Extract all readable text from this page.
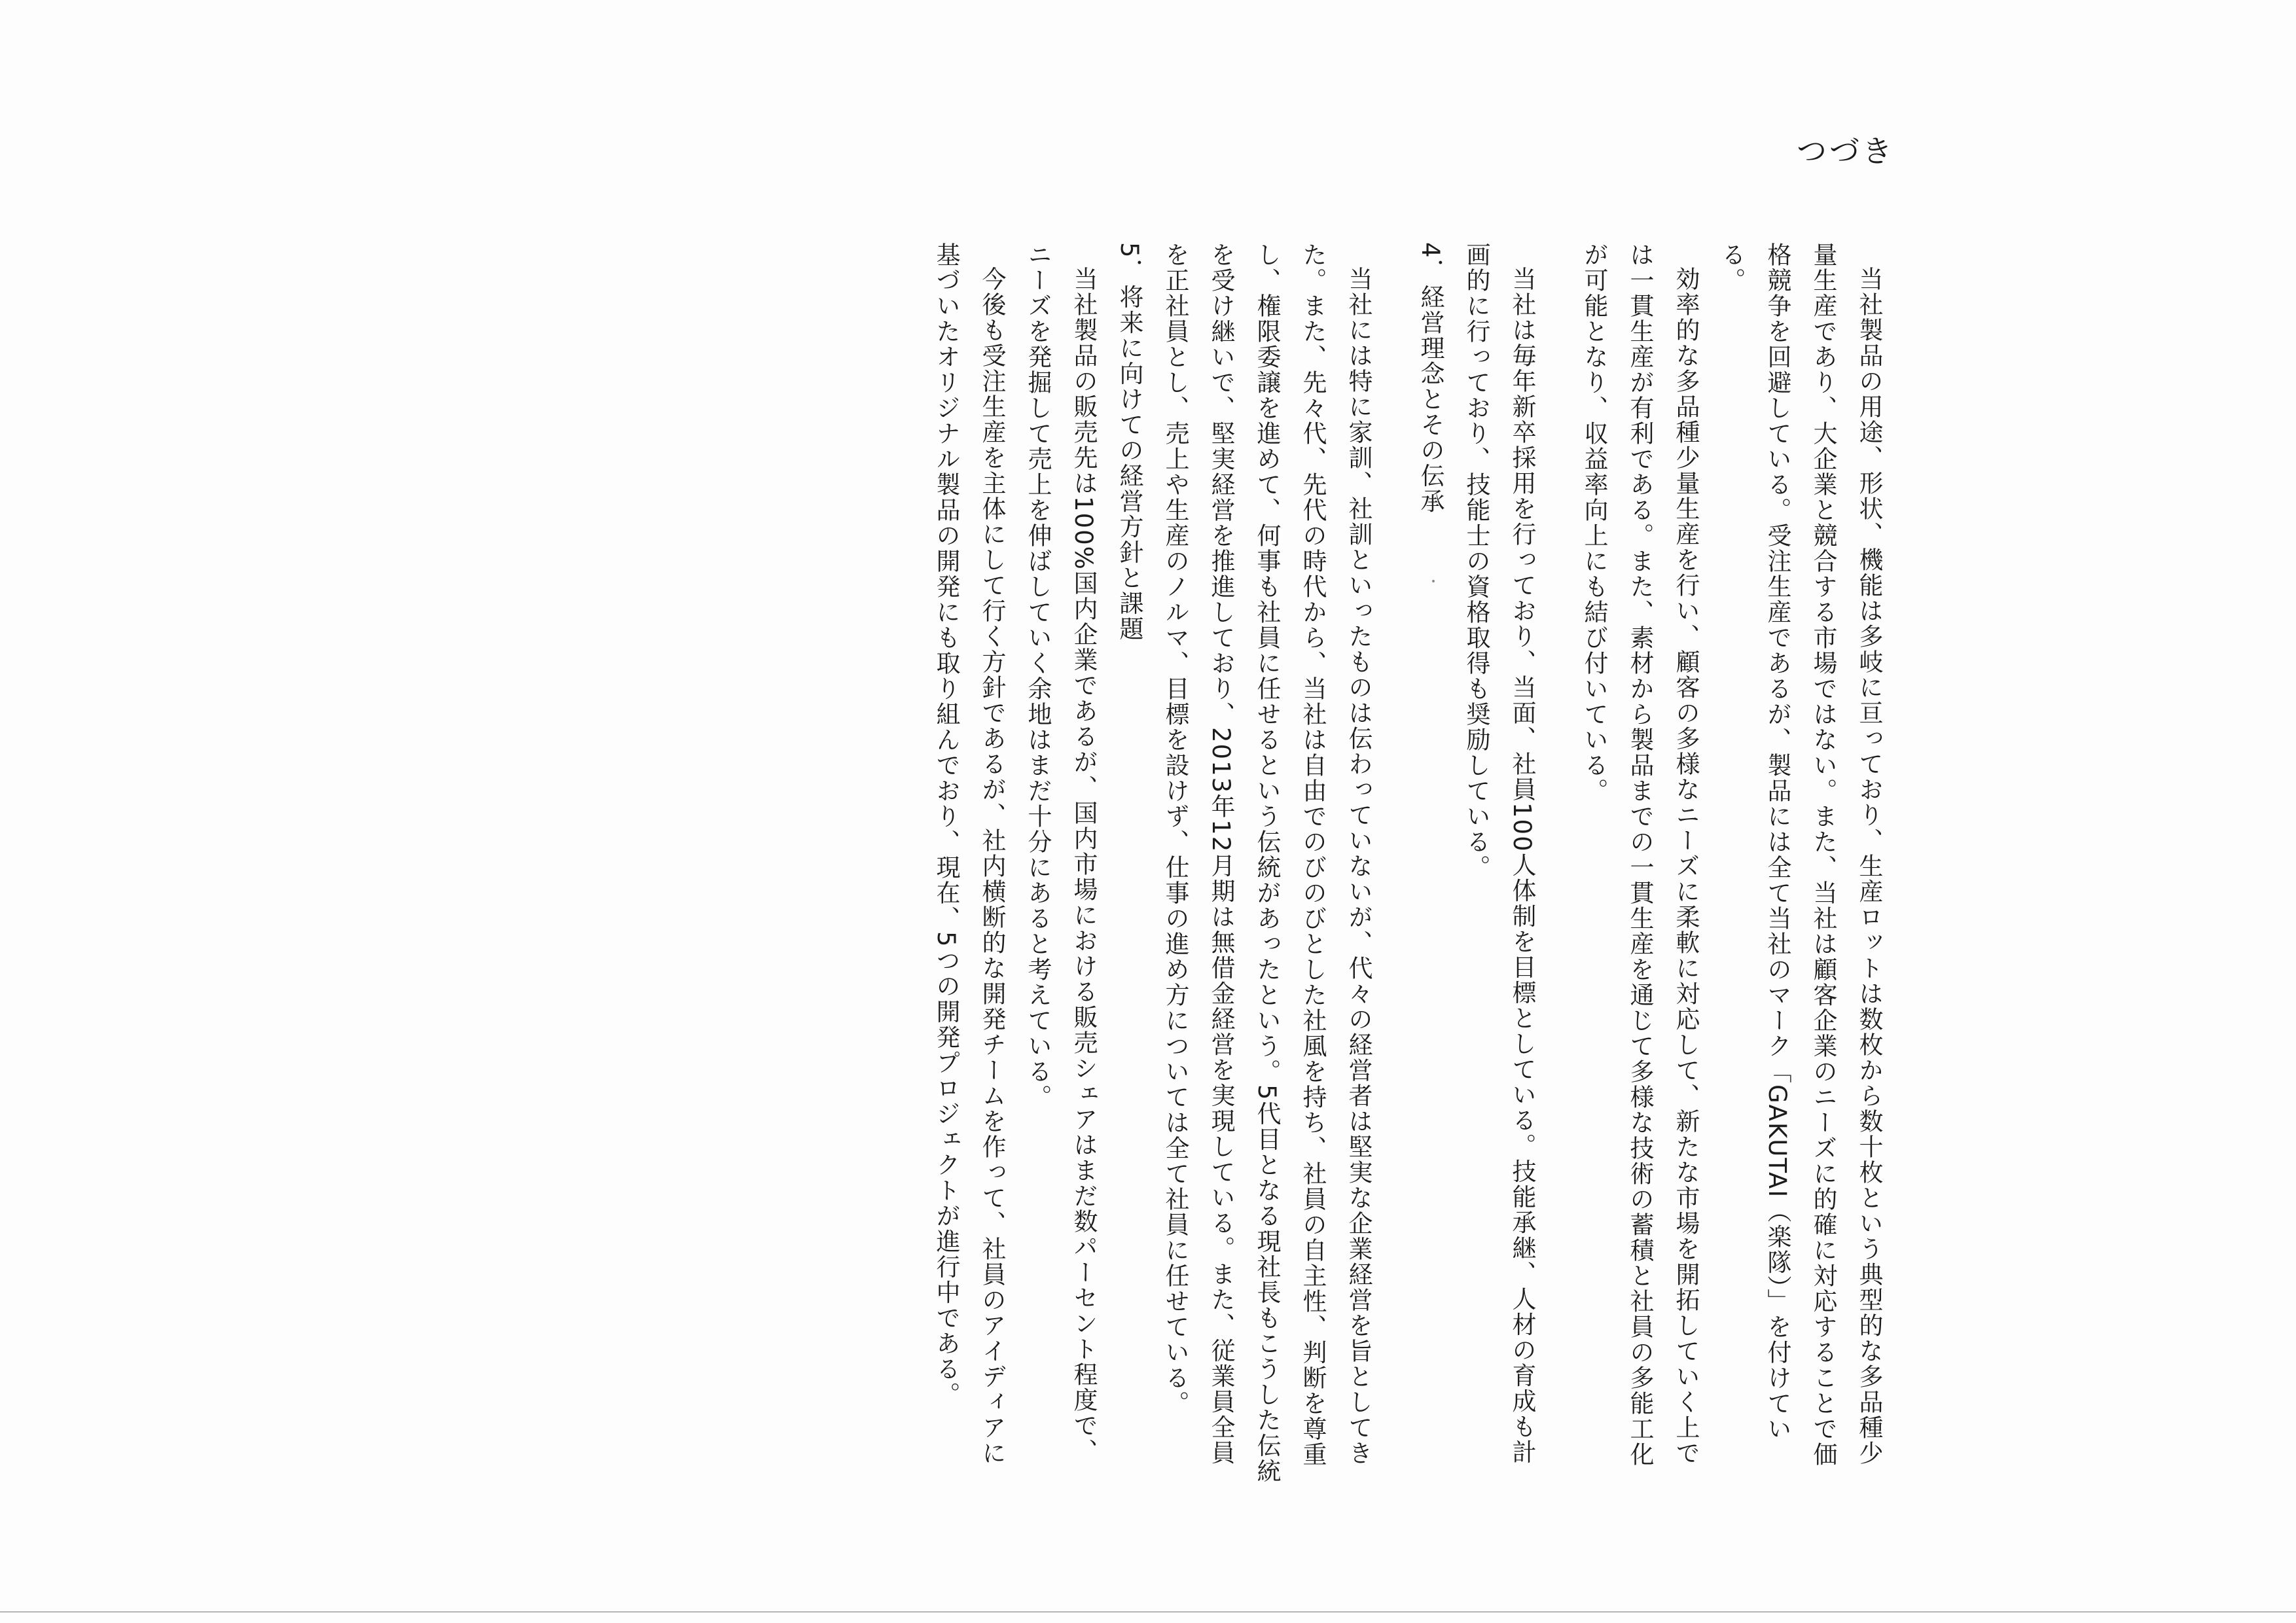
つづき

当社製品の用途、形状、機能は多岐に亘っており、生産ロットは数枚から数十枚という典型的な多品種少量生産であり、大企業と競合する市場ではない。また、当社は顧客企業のニーズに的確に対応することで価格競争を回避している。受注生産であるが、製品には全て当社のマーク「GAKUTAI（楽隊）」を付けている。

効率的な多品種少量生産を行い、顧客の多様なニーズに柔軟に対応して、新たな市場を開拓していく上では一貫生産が有利である。また、素材から製品までの一貫生産を通じて多様な技術の蓄積と社員の多能工化が可能となり、収益率向上にも結び付いている。

当社は毎年新卒採用を行っており、当面、社員100人体制を目標としている。技能承継、人材の育成も計画的に行っており、技能士の資格取得も奨励している。

4．経営理念とその伝承

当社には特に家訓、社訓といったものは伝わっていないが、代々の経営者は堅実な企業経営を旨としてきた。また、先々代、先代の時代から、当社は自由でのびのびとした社風を持ち、社員の自主性、判断を尊重し、権限委譲を進めて、何事も社員に任せるという伝統があったという。5代目となる現社長もこうした伝統を受け継いで、堅実経営を推進しており、2013年12月期は無借金経営を実現している。また、従業員全員を正社員とし、売上や生産のノルマ、目標を設けず、仕事の進め方については全て社員に任せている。

5．将来に向けての経営方針と課題

当社製品の販売先は100%国内企業であるが、国内市場における販売シェアはまだ数パーセント程度で、ニーズを発掘して売上を伸ばしていく余地はまだ十分にあると考えている。

今後も受注生産を主体にして行く方針であるが、社内横断的な開発チームを作って、社員のアイディアに基づいたオリジナル製品の開発にも取り組んでおり、現在、5つの開発プロジェクトが進行中である。
